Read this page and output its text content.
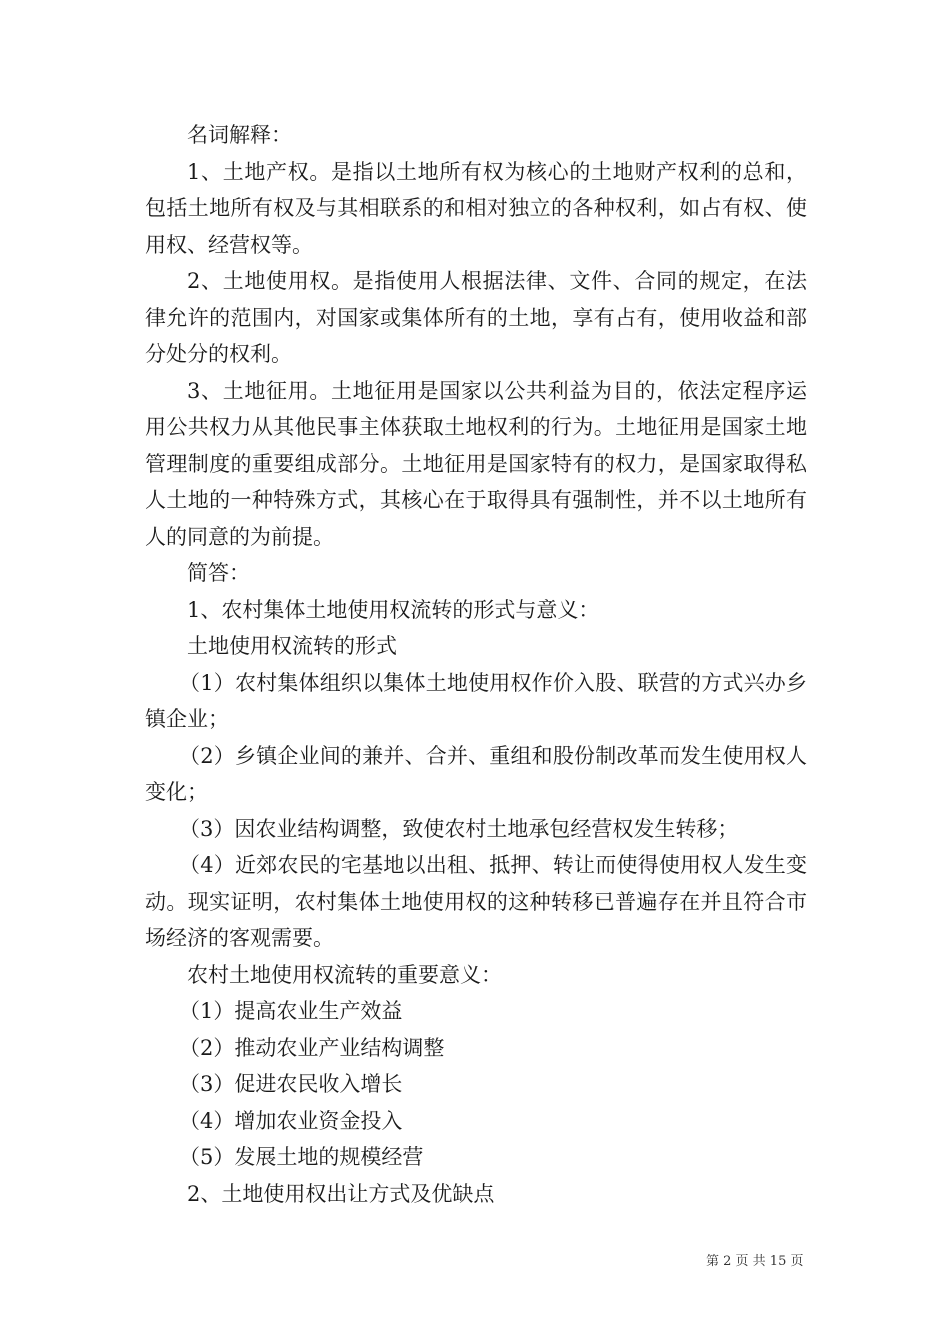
名词解释：

1、土地产权。是指以土地所有权为核心的土地财产权利的总和，包括土地所有权及与其相联系的和相对独立的各种权利，如占有权、使用权、经营权等。

2、土地使用权。是指使用人根据法律、文件、合同的规定，在法律允许的范围内，对国家或集体所有的土地，享有占有，使用收益和部分处分的权利。

3、土地征用。土地征用是国家以公共利益为目的，依法定程序运用公共权力从其他民事主体获取土地权利的行为。土地征用是国家土地管理制度的重要组成部分。土地征用是国家特有的权力，是国家取得私人土地的一种特殊方式，其核心在于取得具有强制性，并不以土地所有人的同意的为前提。

简答：

1、农村集体土地使用权流转的形式与意义：

土地使用权流转的形式

（1）农村集体组织以集体土地使用权作价入股、联营的方式兴办乡镇企业；

（2）乡镇企业间的兼并、合并、重组和股份制改革而发生使用权人变化；

（3）因农业结构调整，致使农村土地承包经营权发生转移；

（4）近郊农民的宅基地以出租、抵押、转让而使得使用权人发生变动。现实证明，农村集体土地使用权的这种转移已普遍存在并且符合市场经济的客观需要。

农村土地使用权流转的重要意义：

（1）提高农业生产效益

（2）推动农业产业结构调整

（3）促进农民收入增长

（4）增加农业资金投入

（5）发展土地的规模经营

2、土地使用权出让方式及优缺点

第 2 页 共 15 页
